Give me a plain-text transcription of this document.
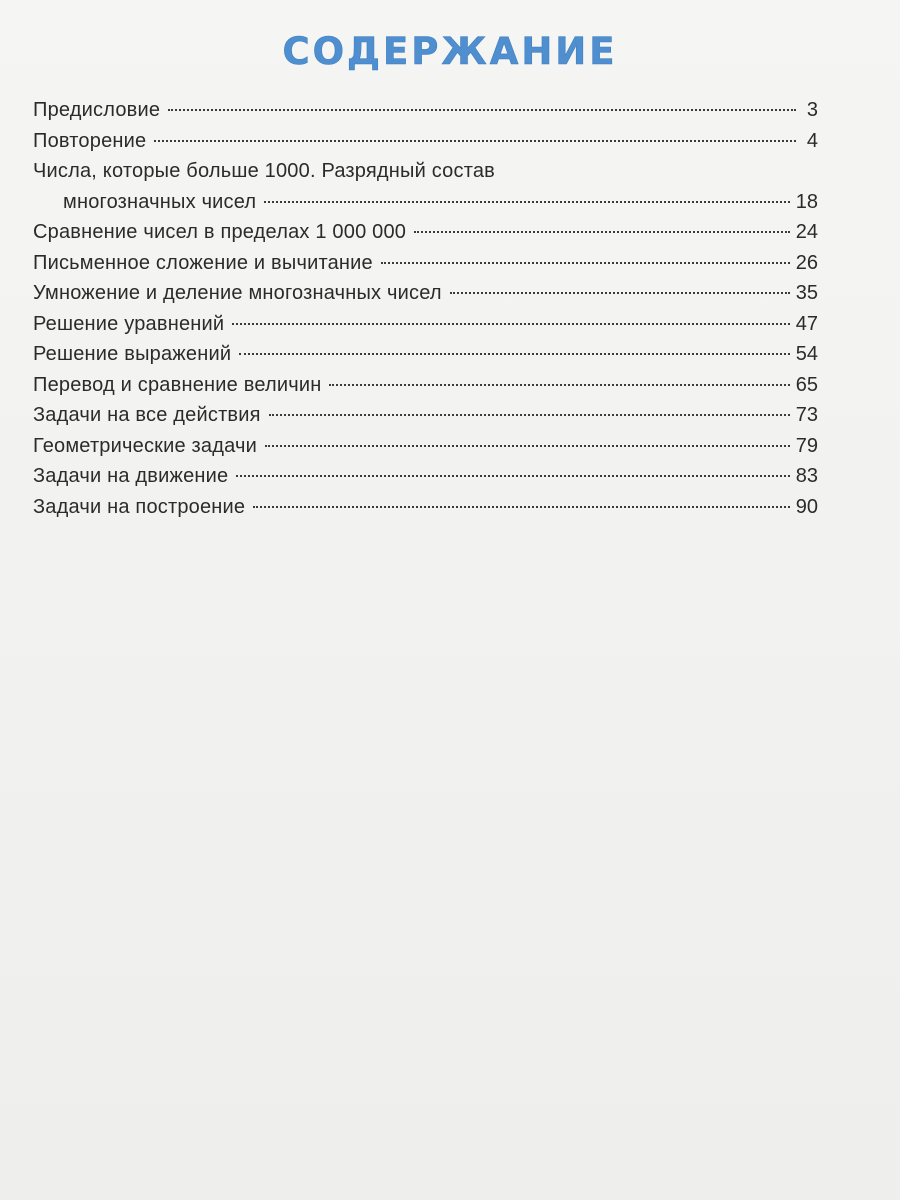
СОДЕРЖАНИЕ
Предисловие	3
Повторение	4
Числа, которые больше 1000. Разрядный состав
многозначных чисел	18
Сравнение чисел в пределах 1 000 000	24
Письменное сложение и вычитание	26
Умножение и деление многозначных чисел	35
Решение уравнений	47
Решение выражений	54
Перевод и сравнение величин	65
Задачи на все действия	73
Геометрические задачи	79
Задачи на движение	83
Задачи на построение	90
